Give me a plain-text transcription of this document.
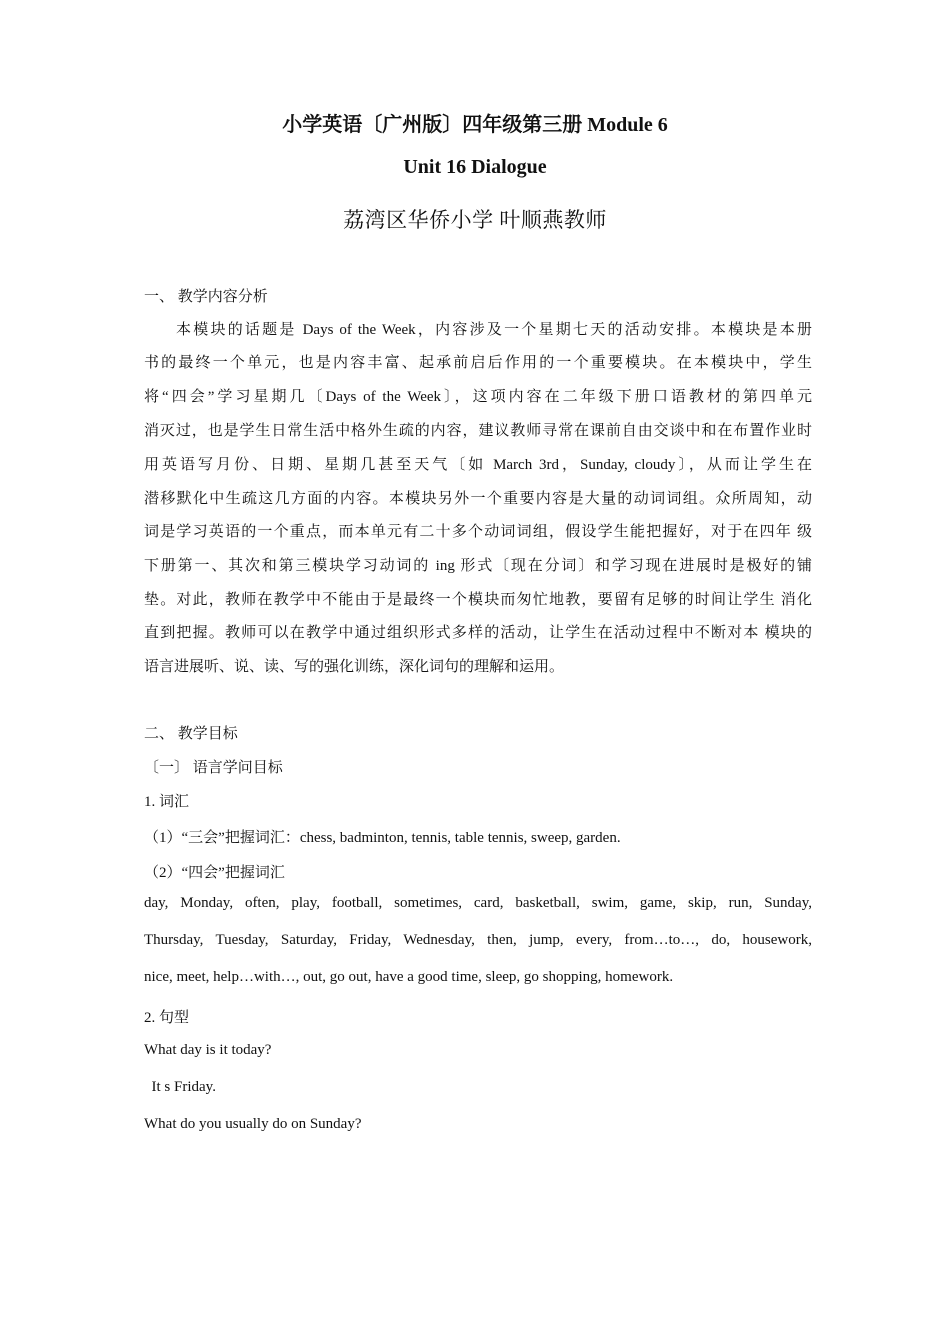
小学英语〔广州版〕四年级第三册 Module 6
Unit 16 Dialogue
荔湾区华侨小学 叶顺燕教师
一、 教学内容分析
本模块的话题是 Days of the Week，内容涉及一个星期七天的活动安排。本模块是本册
书的最终一个单元，也是内容丰富、起承前启后作用的一个重要模块。在本模块中，学生
将“四会”学习星期几〔Days of the Week〕，这项内容在二年级下册口语教材的第四单元
消灭过，也是学生日常生活中格外生疏的内容，建议教师寻常在课前自由交谈中和在布置作业时
用英语写月份、日期、星期几甚至天气〔如 March 3rd，Sunday, cloudy〕，从而让学生在
潜移默化中生疏这几方面的内容。本模块另外一个重要内容是大量的动词词组。众所周知，动
词是学习英语的一个重点，而本单元有二十多个动词词组，假设学生能把握好，对于在四年 级
下册第一、其次和第三模块学习动词的 ing 形式〔现在分词〕和学习现在进展时是极好的铺
垫。对此，教师在教学中不能由于是最终一个模块而匆忙地教，要留有足够的时间让学生 消化
直到把握。教师可以在教学中通过组织形式多样的活动，让学生在活动过程中不断对本 模块的
语言进展听、说、读、写的强化训练，深化词句的理解和运用。
二、 教学目标
〔一〕 语言学问目标
1. 词汇
（1）“三会”把握词汇：chess, badminton, tennis, table tennis, sweep, garden.
（2）“四会”把握词汇
day, Monday, often, play, football, sometimes, card, basketball, swim, game, skip, run, Sunday,
Thursday, Tuesday, Saturday, Friday, Wednesday, then, jump, every, from…to…, do, housework,
nice, meet, help…with…, out, go out, have a good time, sleep, go shopping, homework.
2. 句型
What day is it today?
It s Friday.
What do you usually do on Sunday?
